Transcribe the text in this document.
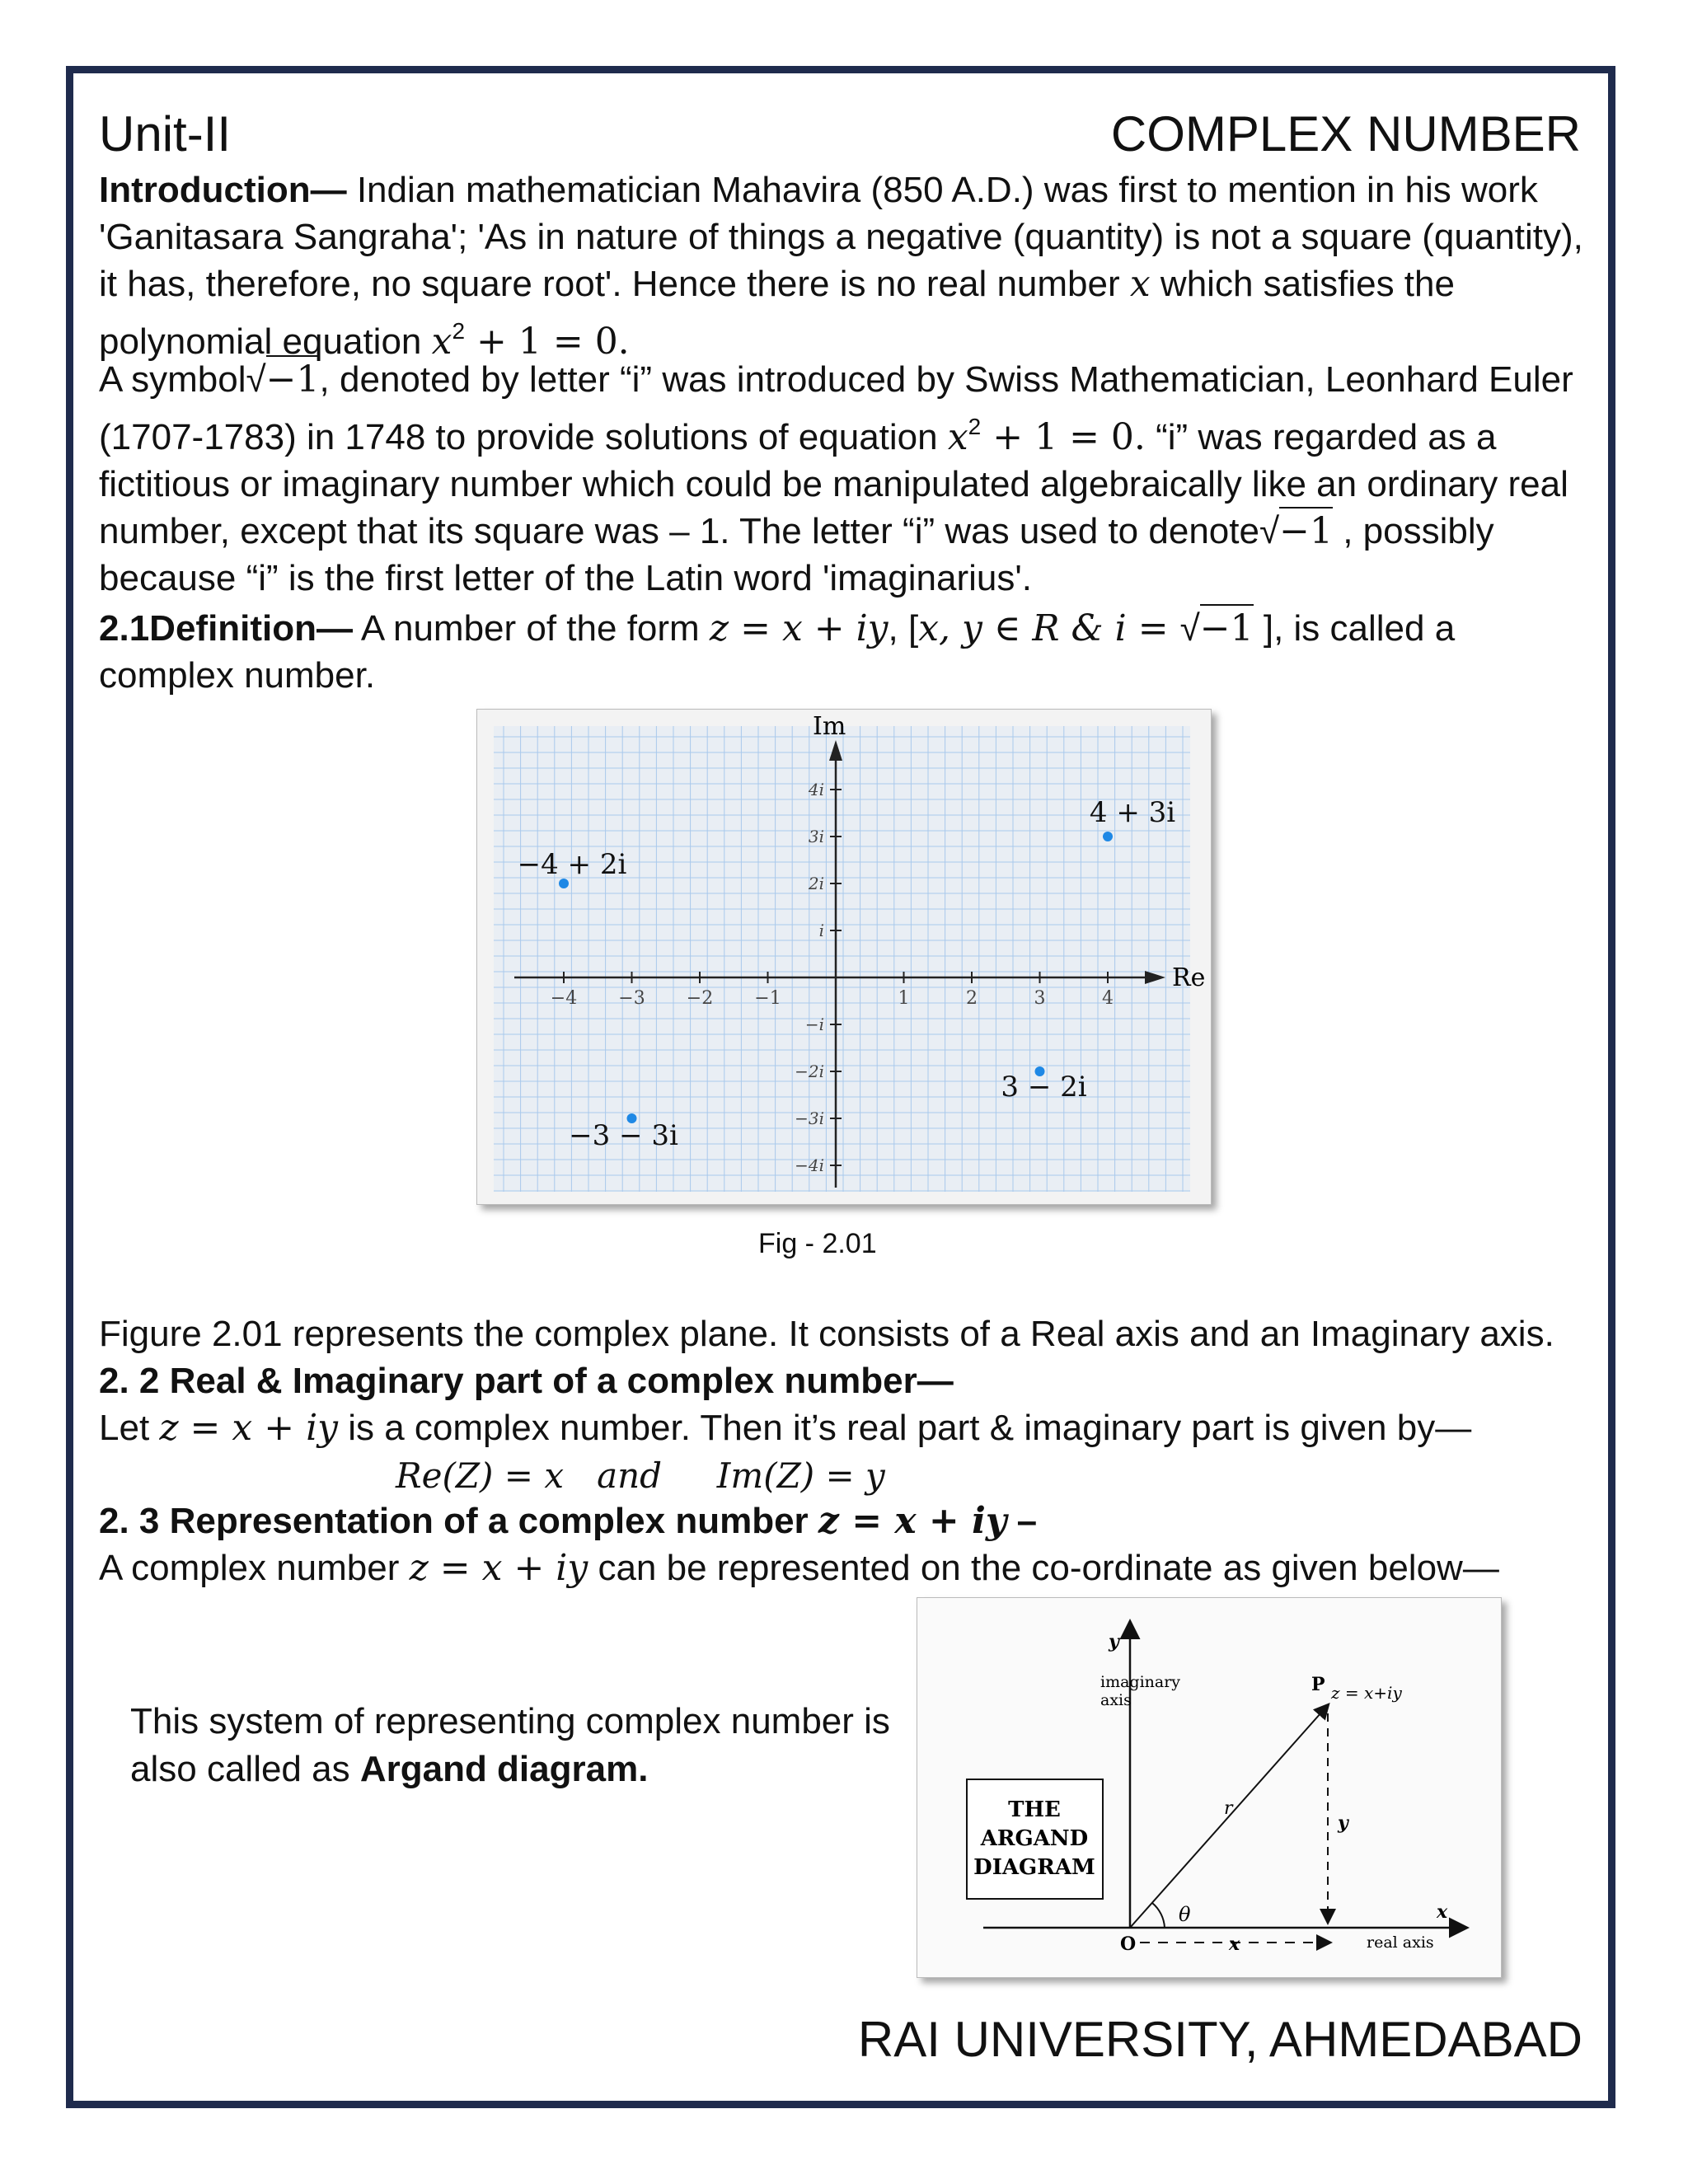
Unit-II	COMPLEX NUMBER

Introduction— Indian mathematician Mahavira (850 A.D.) was first to mention in his work 'Ganitasara Sangraha'; 'As in nature of things a negative (quantity) is not a square (quantity), it has, therefore, no square root'. Hence there is no real number x which satisfies the polynomial equation $x^2 + 1 = 0$.

A symbol√−1, denoted by letter “i” was introduced by Swiss Mathematician, Leonhard Euler (1707-1783) in 1748 to provide solutions of equation $x^2 + 1 = 0$. “i” was regarded as a fictitious or imaginary number which could be manipulated algebraically like an ordinary real number, except that its square was – 1. The letter “i” was used to denote√−1 , possibly because “i” is the first letter of the Latin word 'imaginarius'.

2.1Definition— A number of the form z = x + iy, [x, y ∈ R & i = √−1 ], is called a complex number.

Re
Im
−4 −3 −2 −1	1	2	3	4
4i
3i
2i
i
−i
−2i
−3i
−4i
4 + 3i
−4 + 2i
3 − 2i
−3 − 3i
Fig - 2.01
Figure 2.01 represents the complex plane. It consists of a Real axis and an Imaginary axis.

2. 2 Real & Imaginary part of a complex number—

Let z = x + iy is a complex number. Then it’s real part & imaginary part is given by—

Re(Z) = x   and     Im(Z) = y

2. 3 Representation of a complex number z = x + iy –

A complex number z = x + iy can be represented on the co-ordinate as given below—

This system of representing complex number is also called as Argand diagram.
THE
ARGAND
DIAGRAM
y
imaginary
axis
P z = x+iy
r
y
θ
O	x
x
real axis
RAI UNIVERSITY, AHMEDABAD
